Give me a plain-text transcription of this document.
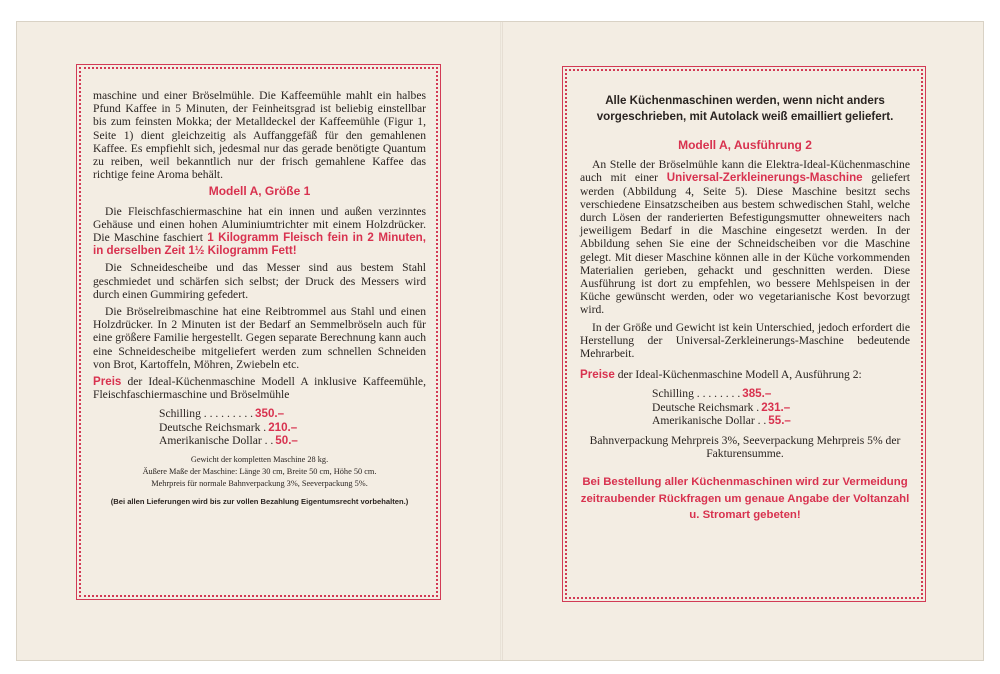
maschine und einer Bröselmühle. Die Kaffeemühle mahlt ein halbes Pfund Kaffee in 5 Minuten, der Feinheitsgrad ist beliebig einstellbar bis zum feinsten Mokka; der Metalldeckel der Kaffeemühle (Figur 1, Seite 1) dient gleichzeitig als Auffanggefäß für den gemahlenen Kaffee. Es empfiehlt sich, jedesmal nur das gerade benötigte Quantum zu reiben, weil bekanntlich nur der frisch gemahlene Kaffee das richtige feine Aroma behält.

Modell A, Größe 1

Die Fleischfaschiermaschine hat ein innen und außen verzinntes Gehäuse und einen hohen Aluminiumtrichter mit einem Holzdrücker. Die Maschine faschiert 1 Kilogramm Fleisch fein in 2 Minuten, in derselben Zeit 1½ Kilogramm Fett!

Die Schneidescheibe und das Messer sind aus bestem Stahl geschmiedet und schärfen sich selbst; der Druck des Messers wird durch einen Gummiring gefedert.

Die Bröselreibmaschine hat eine Reibtrommel aus Stahl und einen Holzdrücker. In 2 Minuten ist der Bedarf an Semmelbröseln auch für eine größere Familie hergestellt. Gegen separate Berechnung kann auch eine Schneidescheibe mitgeliefert werden zum schnellen Schneiden von Brot, Kartoffeln, Möhren, Zwiebeln etc.

Preis der Ideal-Küchenmaschine Modell A inklusive Kaffeemühle, Fleischfaschiermaschine und Bröselmühle

Schilling . . . . . . . . . 350.–
Deutsche Reichsmark . 210.–
Amerikanische Dollar . . 50.–

Gewicht der kompletten Maschine 28 kg.

Äußere Maße der Maschine: Länge 30 cm, Breite 50 cm, Höhe 50 cm.

Mehrpreis für normale Bahnverpackung 3%, Seeverpackung 5%.

(Bei allen Lieferungen wird bis zur vollen Bezahlung Eigentumsrecht vorbehalten.)

Alle Küchenmaschinen werden, wenn nicht anders vorgeschrieben, mit Autolack weiß emailliert geliefert.

Modell A, Ausführung 2

An Stelle der Bröselmühle kann die Elektra-Ideal-Küchenmaschine auch mit einer Universal-Zerkleinerungs-Maschine geliefert werden (Abbildung 4, Seite 5). Diese Maschine besitzt sechs verschiedene Einsatzscheiben aus bestem schwedischen Stahl, welche durch Lösen der randerierten Befestigungsmutter ohneweiters nach jeweiligem Bedarf in die Maschine eingesetzt werden. In der Abbildung sehen Sie eine der Schneidscheiben vor die Maschine gelegt. Mit dieser Maschine können alle in der Küche vorkommenden Materialien gerieben, gehackt und geschnitten werden. Diese Ausführung ist dort zu empfehlen, wo bessere Mehlspeisen in der Küche gewünscht werden, oder wo vegetarianische Kost bevorzugt wird.

In der Größe und Gewicht ist kein Unterschied, jedoch erfordert die Herstellung der Universal-Zerkleinerungs-Maschine bedeutende Mehrarbeit.

Preise der Ideal-Küchenmaschine Modell A, Ausführung 2:

Schilling . . . . . . . . 385.–
Deutsche Reichsmark . 231.–
Amerikanische Dollar . . 55.–

Bahnverpackung Mehrpreis 3%, Seeverpackung Mehrpreis 5% der Fakturensumme.

Bei Bestellung aller Küchenmaschinen wird zur Vermeidung zeitraubender Rückfragen um genaue Angabe der Voltanzahl u. Stromart gebeten!
